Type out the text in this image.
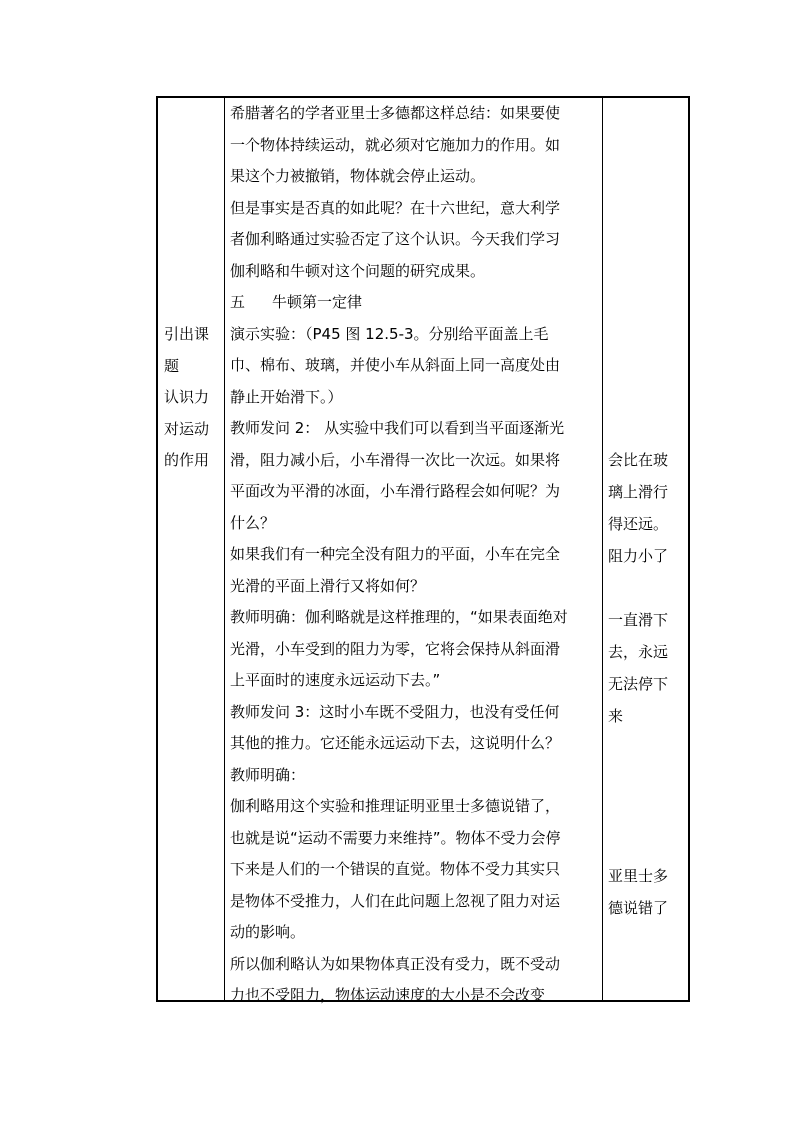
引出课
题
认识力
对运动
的作用
希腊著名的学者亚里士多德都这样总结：如果要使
一个物体持续运动，就必须对它施加力的作用。如
果这个力被撤销，物体就会停止运动。
但是事实是否真的如此呢？在十六世纪，意大利学
者伽利略通过实验否定了这个认识。今天我们学习
伽利略和牛顿对这个问题的研究成果。
五 牛顿第一定律
演示实验：（P45 图 12.5-3。分别给平面盖上毛
巾、棉布、玻璃，并使小车从斜面上同一高度处由
静止开始滑下。）
教师发问 2： 从实验中我们可以看到当平面逐渐光
滑，阻力减小后，小车滑得一次比一次远。如果将
平面改为平滑的冰面，小车滑行路程会如何呢？为
什么？
如果我们有一种完全没有阻力的平面，小车在完全
光滑的平面上滑行又将如何？
教师明确：伽利略就是这样推理的，“如果表面绝对
光滑，小车受到的阻力为零，它将会保持从斜面滑
上平面时的速度永远运动下去。”
教师发问 3：这时小车既不受阻力，也没有受任何
其他的推力。它还能永远运动下去，这说明什么？
教师明确：
伽利略用这个实验和推理证明亚里士多德说错了，
也就是说“运动不需要力来维持”。物体不受力会停
下来是人们的一个错误的直觉。物体不受力其实只
是物体不受推力，人们在此问题上忽视了阻力对运
动的影响。
所以伽利略认为如果物体真正没有受力，既不受动
力也不受阻力，物体运动速度的大小是不会改变
会比在玻
璃上滑行
得还远。
阻力小了
一直滑下
去，永远
无法停下
来
亚里士多
德说错了
